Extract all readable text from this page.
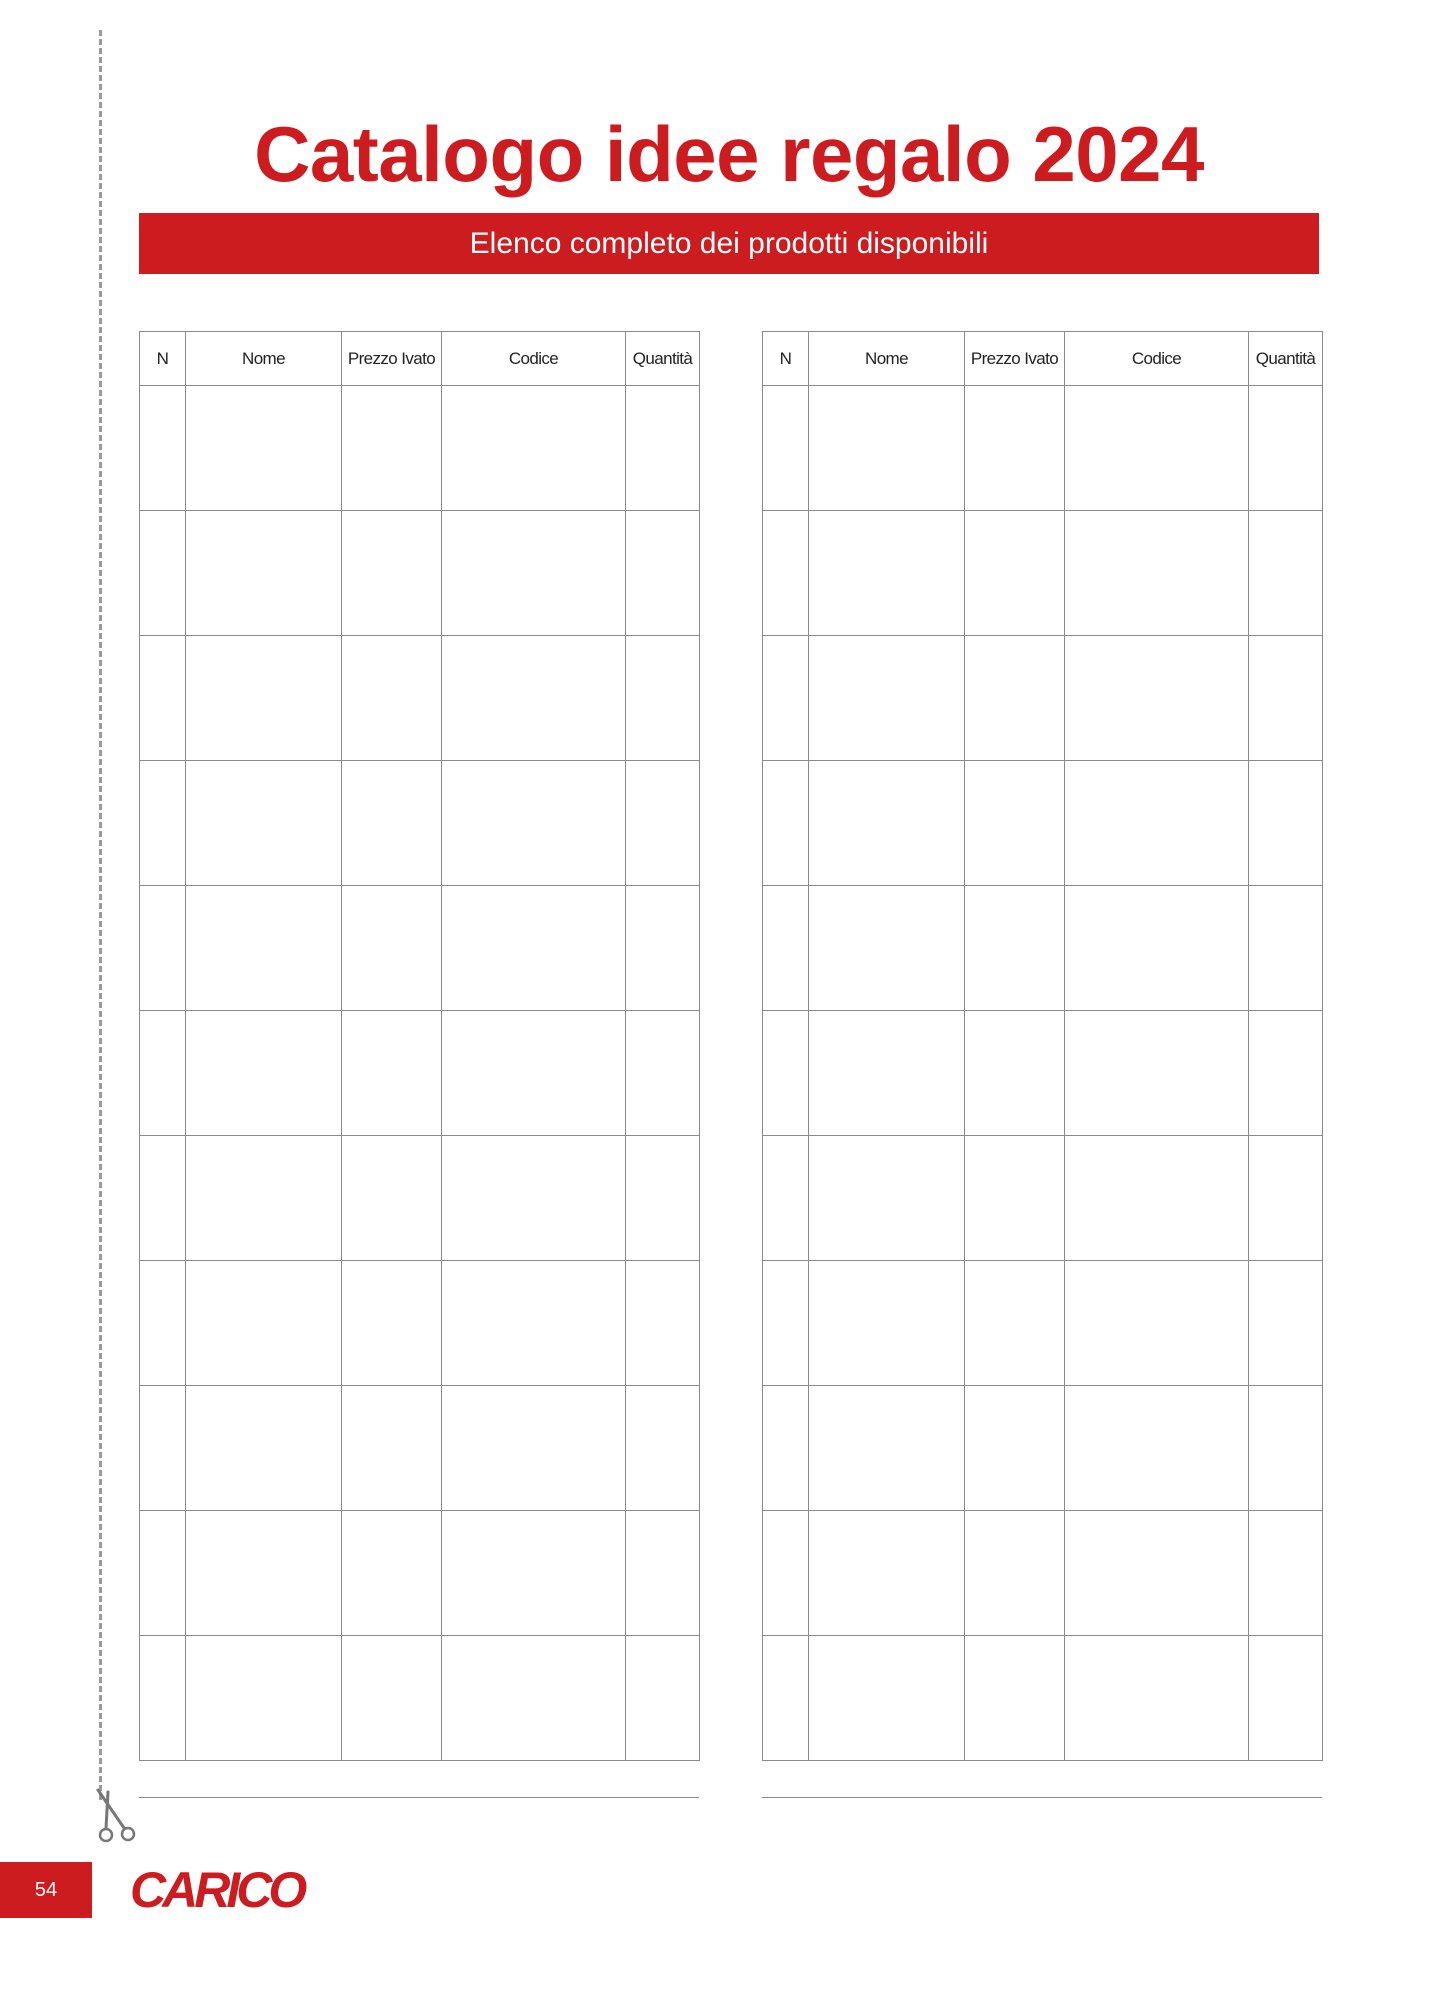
Catalogo idee regalo 2024
Elenco completo dei prodotti disponibili
N	Nome	Prezzo Ivato	Codice	Quantità

					N	Nome	Prezzo Ivato	Codice	Quantità

54	CARICO
